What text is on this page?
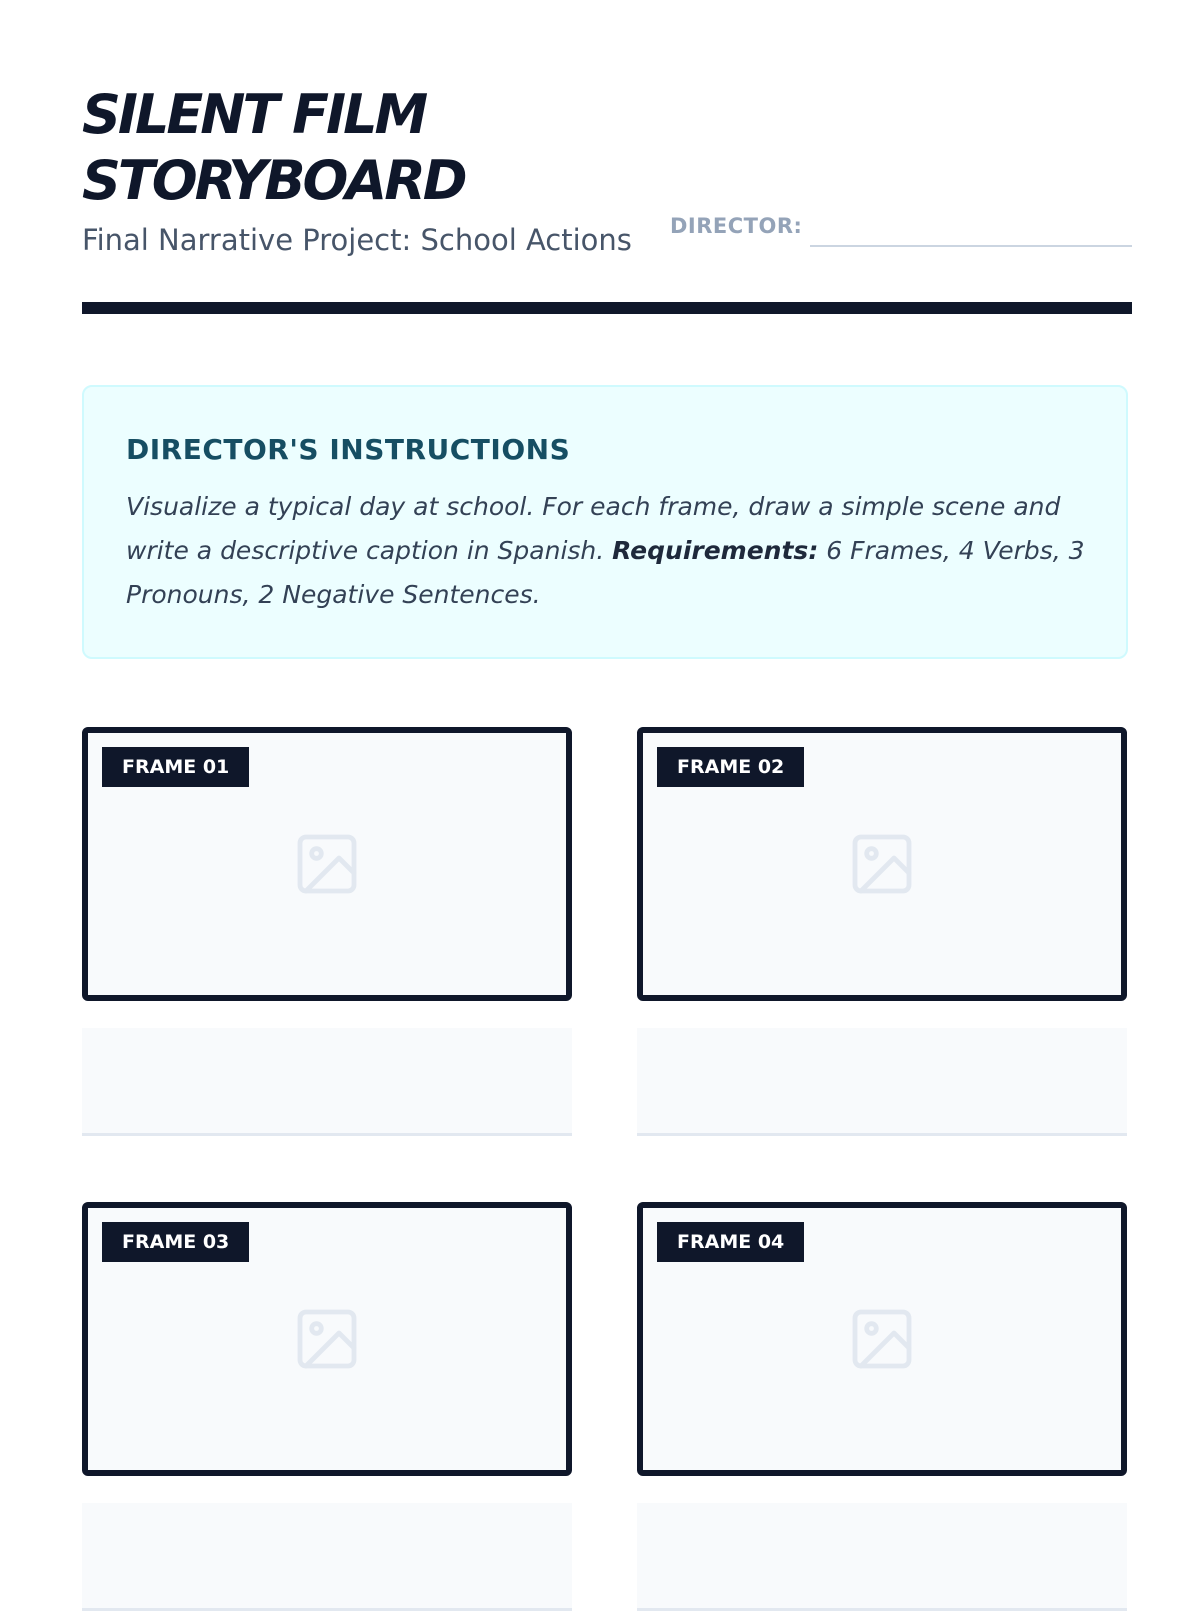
SILENT FILM STORYBOARD
Final Narrative Project: School Actions DIRECTOR:
DIRECTOR'S INSTRUCTIONS
Visualize a typical day at school. For each frame, draw a simple scene and write a descriptive caption in Spanish. Requirements: 6 Frames, 4 Verbs, 3 Pronouns, 2 Negative Sentences.
FRAME 01	FRAME 02
FRAME 03	FRAME 04
